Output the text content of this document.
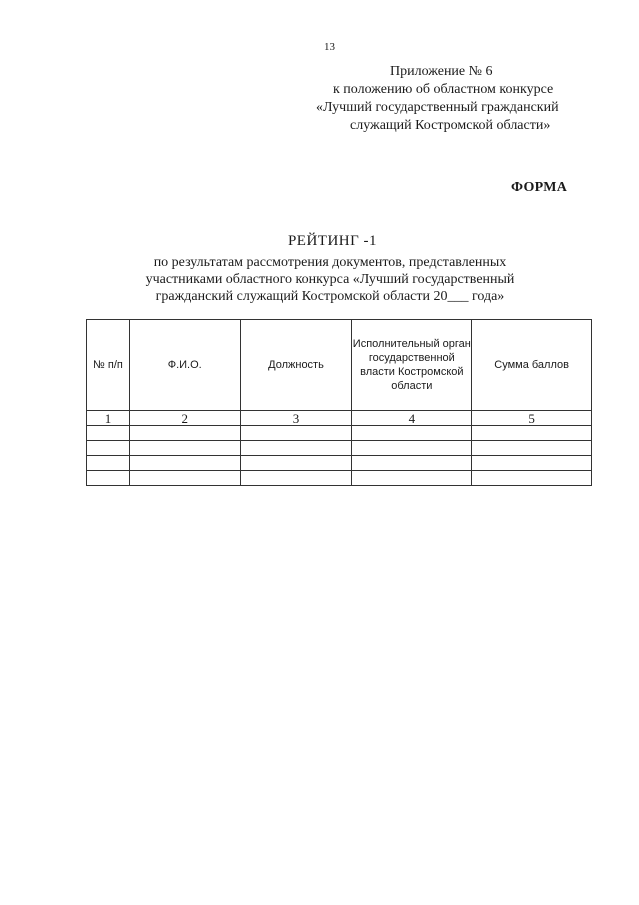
13
Приложение № 6
к положению об областном конкурсе
«Лучший государственный гражданский
служащий Костромской области»
ФОРМА
РЕЙТИНГ -1
по результатам рассмотрения документов, представленных
участниками областного конкурса «Лучший государственный
гражданский служащий Костромской области 20___ года»
№ п/п	Ф.И.О.	Должность	Исполнительный орган государственной власти Костромской области	Сумма баллов
1	2	3	4	5
